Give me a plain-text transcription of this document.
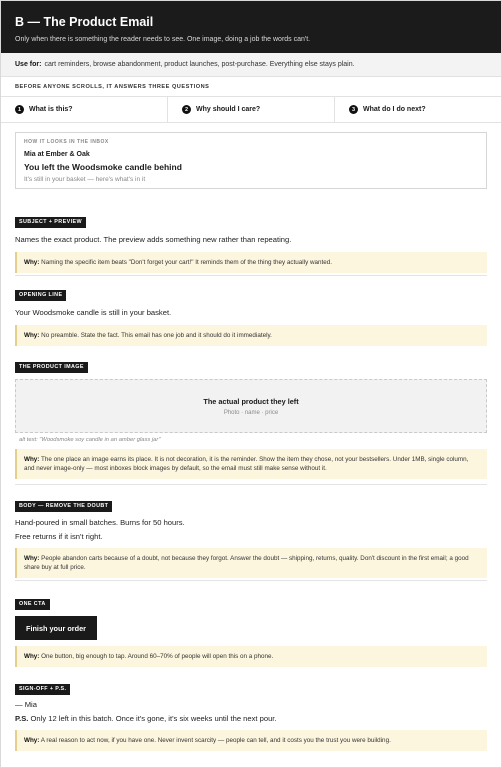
B — The Product Email

Only when there is something the reader needs to see. One image, doing a job the words can't.

Use for: cart reminders, browse abandonment, product launches, post-purchase. Everything else stays plain.
BEFORE ANYONE SCROLLS, IT ANSWERS THREE QUESTIONS
1	What is this?	2	Why should I care?	3	What do I do next?
HOW IT LOOKS IN THE INBOX
Mia at Ember & Oak
You left the Woodsmoke candle behind
It's still in your basket — here's what's in it
SUBJECT + PREVIEW
Names the exact product. The preview adds something new rather than repeating.
Why: Naming the specific item beats "Don't forget your cart!" It reminds them of the thing they actually wanted.
OPENING LINE
Your Woodsmoke candle is still in your basket.
Why: No preamble. State the fact. This email has one job and it should do it immediately.
THE PRODUCT IMAGE
The actual product they left
Photo · name · price
alt text: "Woodsmoke soy candle in an amber glass jar"
Why: The one place an image earns its place. It is not decoration, it is the reminder. Show the item they chose, not your bestsellers. Under 1MB, single column, and never image-only — most inboxes block images by default, so the email must still make sense without it.
BODY — REMOVE THE DOUBT
Hand-poured in small batches. Burns for 50 hours.
Free returns if it isn't right.
Why: People abandon carts because of a doubt, not because they forgot. Answer the doubt — shipping, returns, quality. Don't discount in the first email; a good share buy at full price.
ONE CTA
Finish your order
Why: One button, big enough to tap. Around 60–70% of people will open this on a phone.
SIGN-OFF + P.S.
— Mia
P.S. Only 12 left in this batch. Once it's gone, it's six weeks until the next pour.
Why: A real reason to act now, if you have one. Never invent scarcity — people can tell, and it costs you the trust you were building.
